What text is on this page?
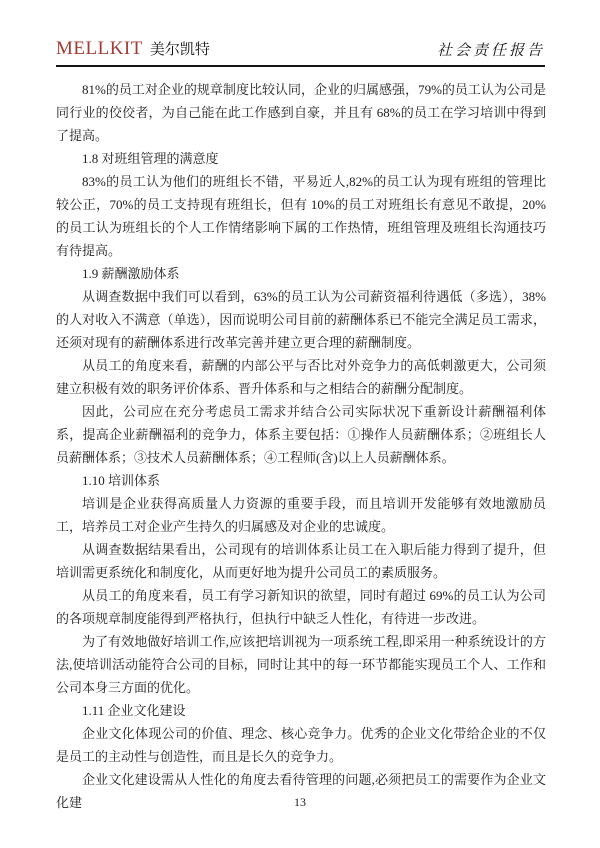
MELLKIT 美尔凯特	社会责任报告

81%的员工对企业的规章制度比较认同，企业的归属感强，79%的员工认为公司是同行业的佼佼者，为自己能在此工作感到自豪，并且有 68%的员工在学习培训中得到了提高。

1.8 对班组管理的满意度

83%的员工认为他们的班组长不错，平易近人,82%的员工认为现有班组的管理比较公正，70%的员工支持现有班组长，但有 10%的员工对班组长有意见不敢提，20%的员工认为班组长的个人工作情绪影响下属的工作热情，班组管理及班组长沟通技巧有待提高。

1.9 薪酬激励体系

从调查数据中我们可以看到，63%的员工认为公司薪资福利待遇低（多选），38%的人对收入不满意（单选），因而说明公司目前的薪酬体系已不能完全满足员工需求，还须对现有的薪酬体系进行改革完善并建立更合理的薪酬制度。

从员工的角度来看，薪酬的内部公平与否比对外竞争力的高低刺激更大，公司须建立积极有效的职务评价体系、晋升体系和与之相结合的薪酬分配制度。

因此，公司应在充分考虑员工需求并结合公司实际状况下重新设计薪酬福利体系，提高企业薪酬福利的竞争力，体系主要包括：①操作人员薪酬体系；②班组长人员薪酬体系；③技术人员薪酬体系；④工程师(含)以上人员薪酬体系。

1.10 培训体系

培训是企业获得高质量人力资源的重要手段，而且培训开发能够有效地激励员工，培养员工对企业产生持久的归属感及对企业的忠诚度。

从调查数据结果看出，公司现有的培训体系让员工在入职后能力得到了提升，但培训需更系统化和制度化，从而更好地为提升公司员工的素质服务。

从员工的角度来看，员工有学习新知识的欲望，同时有超过 69%的员工认为公司的各项规章制度能得到严格执行，但执行中缺乏人性化，有待进一步改进。

为了有效地做好培训工作,应该把培训视为一项系统工程,即采用一种系统设计的方法,使培训活动能符合公司的目标，同时让其中的每一环节都能实现员工个人、工作和公司本身三方面的优化。

1.11 企业文化建设

企业文化体现公司的价值、理念、核心竞争力。优秀的企业文化带给企业的不仅是员工的主动性与创造性，而且是长久的竞争力。

企业文化建设需从人性化的角度去看待管理的问题,必须把员工的需要作为企业文化建	13
